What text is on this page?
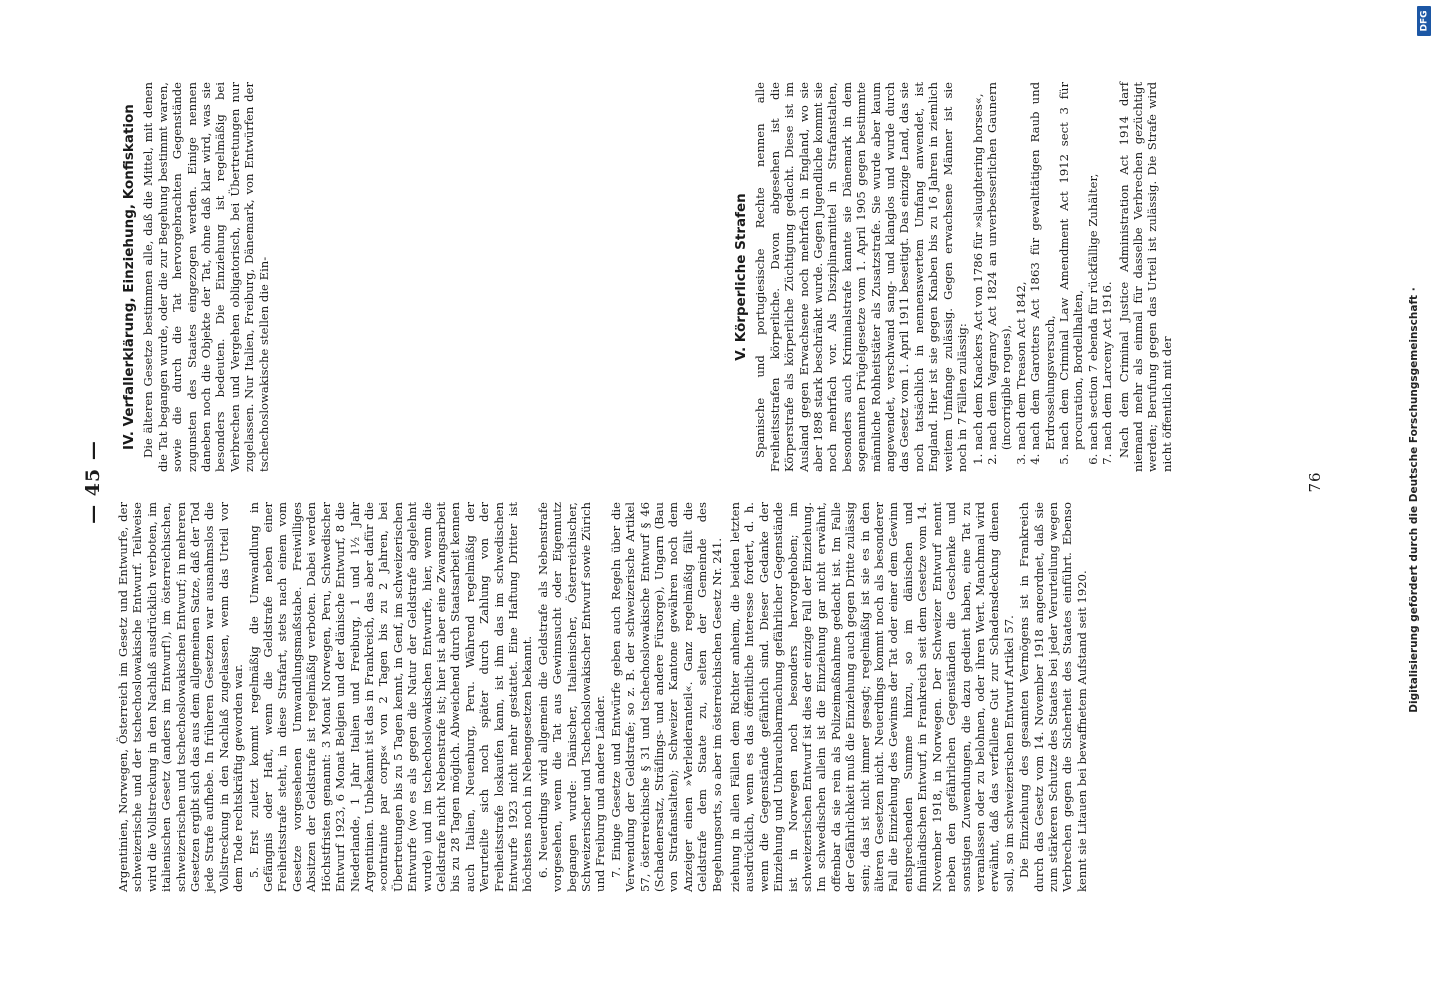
— 45 —

Argentinien, Norwegen, Österreich im Gesetz und Entwurfe, der schweizerische und der tschechoslowakische Entwurf. Teilweise wird die Vollstreckung in den Nachlaß ausdrücklich verboten, im italienischen Gesetz (anders im Entwurf!), im österreichischen, schweizerischen und tschechoslowakischen Entwurf; in mehreren Gesetzen ergibt sich das aus dem allgemeinen Satze, daß der Tod jede Strafe aufhebe. In früheren Gesetzen war ausnahmslos die Vollstreckung in den Nachlaß zugelassen, wenn das Urteil vor dem Tode rechtskräftig geworden war. 5. Erst zuletzt kommt regelmäßig die Umwandlung in Gefängnis oder Haft, wenn die Geldstrafe neben einer Freiheitsstrafe steht, in diese Strafart, stets nach einem vom Gesetze vorgesehenen Umwandlungsmaßstabe. Freiwilliges Absitzen der Geldstrafe ist regelmäßig verboten. Dabei werden Höchstfristen genannt: 3 Monat Norwegen, Peru, Schwedischer Entwurf 1923, 6 Monat Belgien und der dänische Entwurf, 8 die Niederlande, 1 Jahr Italien und Freiburg, 1 und 1½ Jahr Argentinien. Unbekannt ist das in Frankreich, das aber dafür die »contrainte par corps« von 2 Tagen bis zu 2 Jahren, bei Übertretungen bis zu 5 Tagen kennt, in Genf, im schweizerischen Entwurfe (wo es als gegen die Natur der Geldstrafe abgelehnt wurde) und im tschechoslowakischen Entwurfe, hier, wenn die Geldstrafe nicht Nebenstrafe ist; hier ist aber eine Zwangsarbeit bis zu 28 Tagen möglich. Abweichend durch Staatsarbeit kennen auch Italien, Neuenburg, Peru. Während regelmäßig der Verurteilte sich noch später durch Zahlung von der Freiheitsstrafe loskaufen kann, ist ihm das im schwedischen Entwurfe 1923 nicht mehr gestattet. Eine Haftung Dritter ist höchstens noch in Nebengesetzen bekannt. 6. Neuerdings wird allgemein die Geldstrafe als Nebenstrafe vorgesehen, wenn die Tat aus Gewinnsucht oder Eigennutz begangen wurde: Dänischer, Italienischer, Österreichischer, Schweizerischer und Tschechoslowakischer Entwurf sowie Zürich und Freiburg und andere Länder. 7. Einige Gesetze und Entwürfe geben auch Regeln über die Verwendung der Geldstrafe; so z. B. der schweizerische Artikel 57, österreichische § 31 und tschechoslowakische Entwurf § 46 (Schadenersatz, Sträflings- und andere Fürsorge), Ungarn (Bau von Strafanstalten); Schweizer Kantone gewähren noch dem Anzeiger einen »Verleideranteil«. Ganz regelmäßig fällt die Geldstrafe dem Staate zu, selten der Gemeinde des Begehungsorts, so aber im österreichischen Gesetz Nr. 241.

IV. Verfallerklärung, Einziehung, Konfiskation Die älteren Gesetze bestimmen alle, daß die Mittel, mit denen die Tat begangen wurde, oder die zur Begehung bestimmt waren, sowie die durch die Tat hervorgebrachten Gegenstände zugunsten des Staates eingezogen werden. Einige nennen daneben noch die Objekte der Tat, ohne daß klar wird, was sie besonders bedeuten. Die Einziehung ist regelmäßig bei Verbrechen und Vergehen obligatorisch, bei Übertretungen nur zugelassen. Nur Italien, Freiburg, Dänemark, von Entwürfen der tschechoslowakische stellen die Ein-

ziehung in allen Fällen dem Richter anheim, die beiden letzten ausdrücklich, wenn es das öffentliche Interesse fordert, d. h. wenn die Gegenstände gefährlich sind. Dieser Gedanke der Einziehung und Unbrauchbarmachung gefährlicher Gegenstände ist in Norwegen noch besonders hervorgehoben; im schweizerischen Entwurf ist dies der einzige Fall der Einziehung. Im schwedischen allein ist die Einziehung gar nicht erwähnt, offenbar da sie rein als Polizeimaßnahme gedacht ist. Im Falle der Gefährlichkeit muß die Einziehung auch gegen Dritte zulässig sein; das ist nicht immer gesagt; regelmäßig ist sie es in den älteren Gesetzen nicht. Neuerdings kommt noch als besonderer Fall die Einziehung des Gewinns der Tat oder einer dem Gewinn entsprechenden Summe hinzu, so im dänischen und finnländischen Entwurf, in Frankreich seit dem Gesetze vom 14. November 1918, in Norwegen. Der Schweizer Entwurf nennt neben den gefährlichen Gegenständen die Geschenke und sonstigen Zuwendungen, die dazu gedient haben, eine Tat zu veranlassen oder zu belohnen, oder ihren Wert. Manchmal wird erwähnt, daß das verfallene Gut zur Schadensdeckung dienen soll, so im schweizerischen Entwurf Artikel 57. Die Einziehung des gesamten Vermögens ist in Frankreich durch das Gesetz vom 14. November 1918 angeordnet, daß sie zum stärkeren Schutze des Staates bei jeder Verurteilung wegen Verbrechen gegen die Sicherheit des Staates einführt. Ebenso kennt sie Litauen bei bewaffnetem Aufstand seit 1920.

V. Körperliche Strafen Spanische und portugiesische Rechte nennen alle Freiheitsstrafen körperliche. Davon abgesehen ist die Körperstrafe als körperliche Züchtigung gedacht. Diese ist im Ausland gegen Erwachsene noch mehrfach in England, wo sie aber 1898 stark beschränkt wurde. Gegen Jugendliche kommt sie noch mehrfach vor. Als Disziplinarmittel in Strafanstalten, besonders auch Kriminalstrafe kannte sie Dänemark in dem sogenannten Prügelgesetze vom 1. April 1905 gegen bestimmte männliche Rohheitstäter als Zusatzstrafe. Sie wurde aber kaum angewendet, verschwand sang- und klanglos und wurde durch das Gesetz vom 1. April 1911 beseitigt. Das einzige Land, das sie noch tatsächlich in nennenswertem Umfang anwendet, ist England. Hier ist sie gegen Knaben bis zu 16 Jahren in ziemlich weitem Umfange zulässig. Gegen erwachsene Männer ist sie noch in 7 Fällen zulässig: 1. nach dem Knackers Act von 1786 für »slaughtering horses«, 2. nach dem Vagrancy Act 1824 an unverbesserlichen Gaunern (incorrigible rogues), 3. nach dem Treason Act 1842, 4. nach dem Garotters Act 1863 für gewalttätigen Raub und Erdrosselungsversuch, 5. nach dem Criminal Law Amendment Act 1912 sect 3 für procuration, Bordellhalten, 6. nach section 7 ebenda für rückfällige Zuhälter, 7. nach dem Larceny Act 1916. Nach dem Criminal Justice Administration Act 1914 darf niemand mehr als einmal für dasselbe Verbrechen gezüchtigt werden; Berufung gegen das Urteil ist zulässig. Die Strafe wird nicht öffentlich mit der

76	Digitalisierung gefördert durch die Deutsche Forschungsgemeinschaft ·
DFG
